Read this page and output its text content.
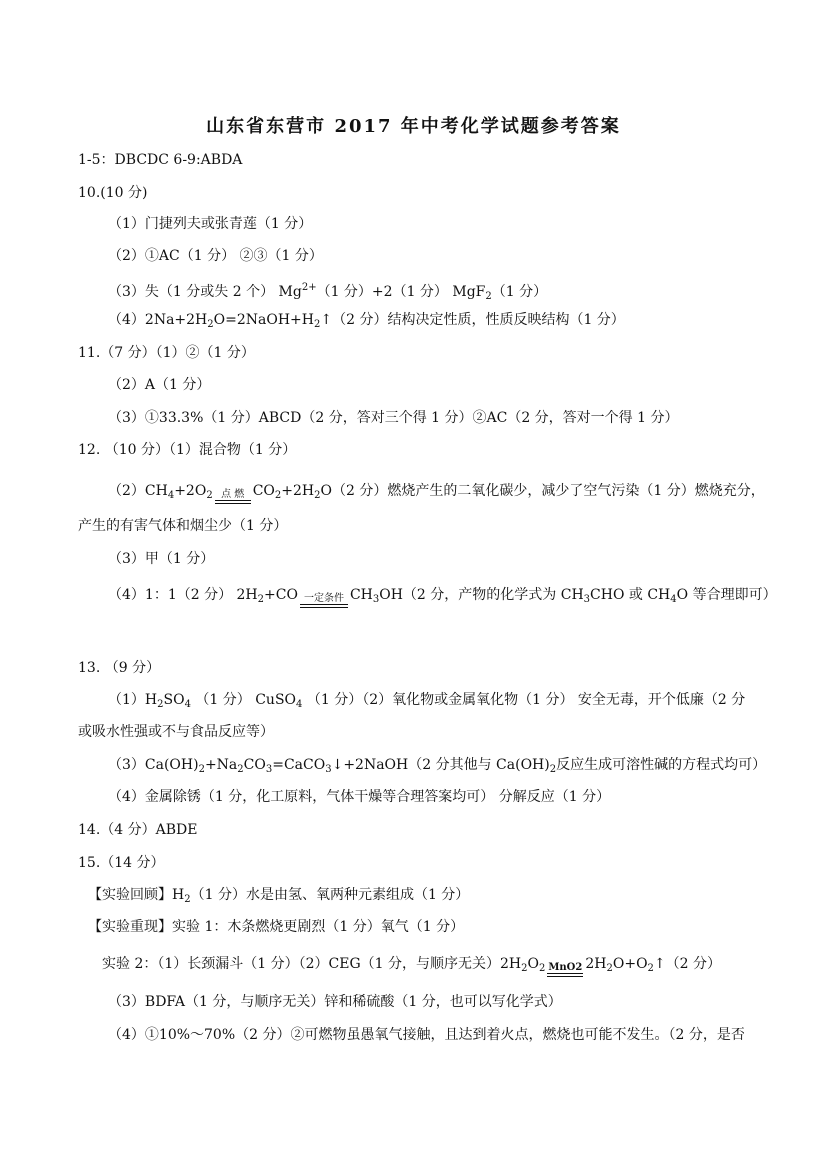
山东省东营市 2017 年中考化学试题参考答案
1-5：DBCDC 6-9:ABDA
10.(10 分)
（1）门捷列夫或张青莲（1 分）
（2）①AC（1 分） ②③（1 分）
（3）失（1 分或失 2 个） $Mg^{2+}(1$ 分）+2（1 分） MgF$_2$（1 分）
$(4)2Na+2H_2O=2NaOH+H_2↑(2$ 分）结构决定性质，性质反映结构（1 分）
11.（7 分）（1）②（1 分）
（2）A（1 分）
（3）①33.3%（1 分）ABCD（2 分，答对三个得 1 分）②AC（2 分，答对一个得 1 分）
12. （10 分）（1）混合物（1 分）
$(2)CH_4+2O_2$ 点 燃 $CO_2+2H_2O(2$ 分）燃烧产生的二氧化碳少，减少了空气污染（1 分）燃烧充分，
产生的有害气体和烟尘少（1 分）
（3）甲（1 分）
（4）1：1（2 分） $2H_2+CO$ 一定条件 $CH_3OH(2$ 分，产物的化学式为 $CH_3CHO$ 或 $CH_4O$ 等合理即可）
13. （9 分）
$(1)H_2SO_4$ （1 分） CuSO$_4$ （1 分）（2）氧化物或金属氧化物（1 分） 安全无毒，开个低廉（2 分
或吸水性强或不与食品反应等）
$(3)Ca(OH)_2+Na_2CO_3=CaCO_3↓+2NaOH(2$ 分其他与 $Ca(OH)_2$反应生成可溶性碱的方程式均可）
（4）金属除锈（1 分，化工原料，气体干燥等合理答案均可） 分解反应（1 分）
14.（4 分）ABDE
15.（14 分）
【实验回顾】$H_2(1$ 分）水是由氢、氧两种元素组成（1 分）
【实验重现】实验 1：木条燃烧更剧烈（1 分）氧气（1 分）
实验 2：（1）长颈漏斗（1 分）（2）CEG（1 分，与顺序无关）$2H_2O_2$ MnO2 $2H_2O+O_2↑(2$ 分）
（3）BDFA（1 分，与顺序无关）锌和稀硫酸（1 分，也可以写化学式）
（4）①10%～70%（2 分）②可燃物虽愚氧气接触，且达到着火点，燃烧也可能不发生。（2 分，是否
